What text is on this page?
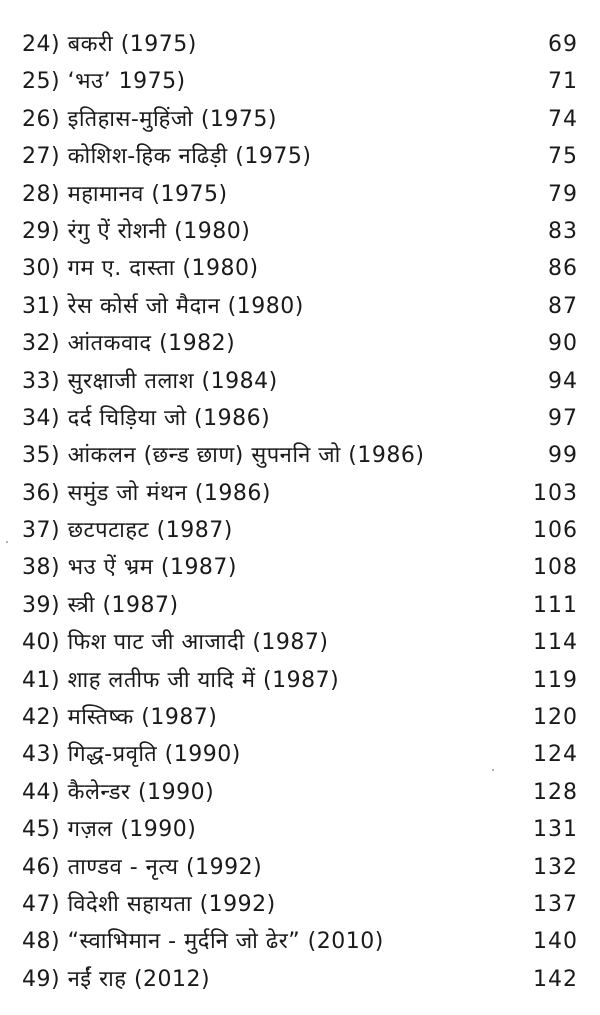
24) बकरी (1975)	69
25) ‘भउ’ 1975)	71
26) इतिहास-मुहिंजो (1975)	74
27) कोशिश-हिक नढिड़ी (1975)	75
28) महामानव (1975)	79
29) रंगु ऐं रोशनी (1980)	83
30) गम ए. दास्ता (1980)	86
31) रेस कोर्स जो मैदान (1980)	87
32) आंतकवाद (1982)	90
33) सुरक्षाजी तलाश (1984)	94
34) दर्द चिड़िया जो (1986)	97
35) आंकलन (छन्ड छाण) सुपननि जो (1986)	99
36) समुंड जो मंथन (1986)	103
37) छटपटाहट (1987)	106
38) भउ ऐं भ्रम (1987)	108
39) स्त्री (1987)	111
40) फिश पाट जी आजादी (1987)	114
41) शाह लतीफ जी यादि में (1987)	119
42) मस्तिष्क (1987)	120
43) गिद्ध-प्रवृति (1990)	124
44) कैलेन्डर (1990)	128
45) गज़ल (1990)	131
46) ताण्डव - नृत्य (1992)	132
47) विदेशी सहायता (1992)	137
48) “स्वाभिमान - मुर्दनि जो ढेर” (2010)	140
49) नईं राह (2012)	142
